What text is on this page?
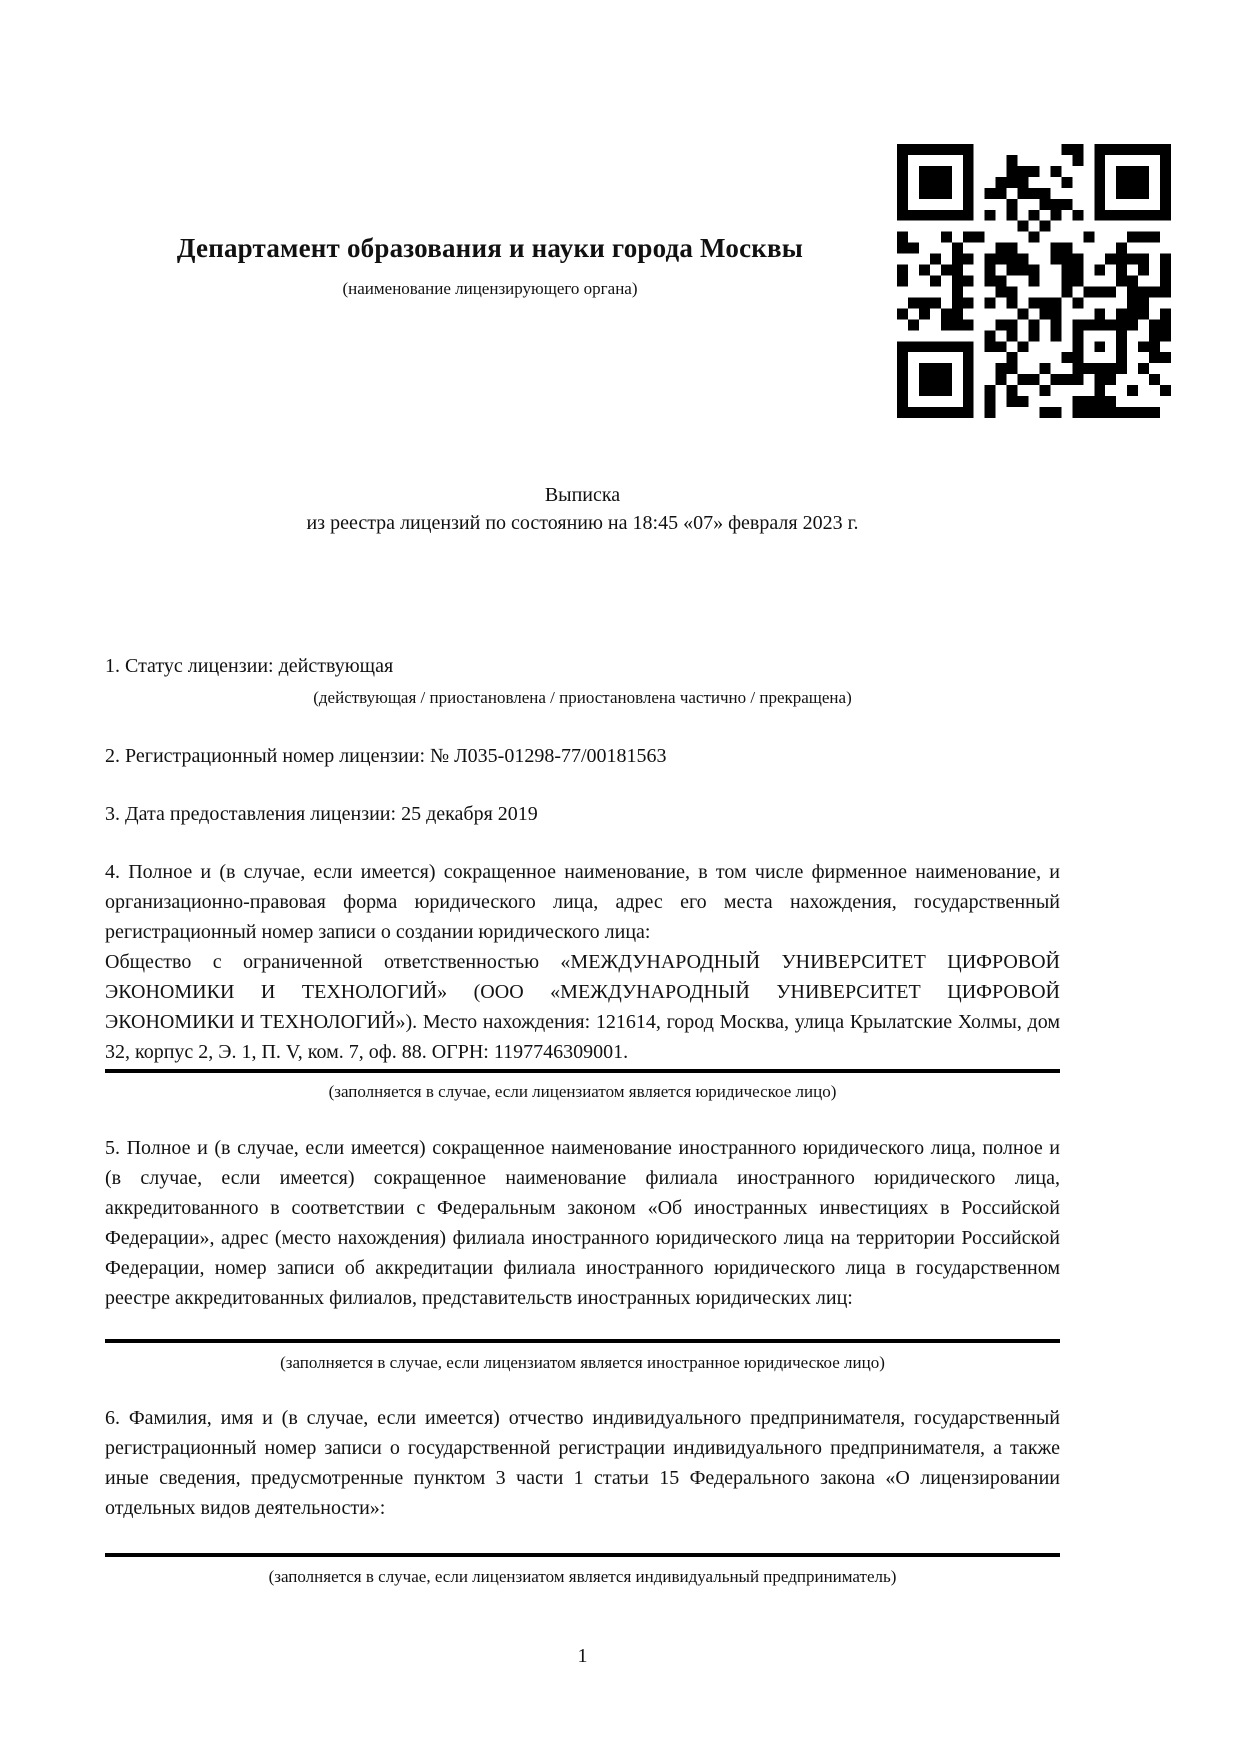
Департамент образования и науки города Москвы
(наименование лицензирующего органа)
Выписка
из реестра лицензий по состоянию на 18:45 «07» февраля 2023 г.
1. Статус лицензии: действующая
(действующая / приостановлена / приостановлена частично / прекращена)
2. Регистрационный номер лицензии: № Л035-01298-77/00181563
3. Дата предоставления лицензии: 25 декабря 2019
4. Полное и (в случае, если имеется) сокращенное наименование, в том числе фирменное наименование, и организационно-правовая форма юридического лица, адрес его места нахождения, государственный регистрационный номер записи о создании юридического лица:
Общество с ограниченной ответственностью «МЕЖДУНАРОДНЫЙ УНИВЕРСИТЕТ ЦИФРОВОЙ ЭКОНОМИКИ И ТЕХНОЛОГИЙ» (ООО «МЕЖДУНАРОДНЫЙ УНИВЕРСИТЕТ ЦИФРОВОЙ ЭКОНОМИКИ И ТЕХНОЛОГИЙ»). Место нахождения: 121614, город Москва, улица Крылатские Холмы, дом 32, корпус 2, Э. 1, П. V, ком. 7, оф. 88. ОГРН: 1197746309001.
(заполняется в случае, если лицензиатом является юридическое лицо)
5. Полное и (в случае, если имеется) сокращенное наименование иностранного юридического лица, полное и (в случае, если имеется) сокращенное наименование филиала иностранного юридического лица, аккредитованного в соответствии с Федеральным законом «Об иностранных инвестициях в Российской Федерации», адрес (место нахождения) филиала иностранного юридического лица на территории Российской Федерации, номер записи об аккредитации филиала иностранного юридического лица в государственном реестре аккредитованных филиалов, представительств иностранных юридических лиц:
(заполняется в случае, если лицензиатом является иностранное юридическое лицо)
6. Фамилия, имя и (в случае, если имеется) отчество индивидуального предпринимателя, государственный регистрационный номер записи о государственной регистрации индивидуального предпринимателя, а также иные сведения, предусмотренные пунктом 3 части 1 статьи 15 Федерального закона «О лицензировании отдельных видов деятельности»:
(заполняется в случае, если лицензиатом является индивидуальный предприниматель)
1
